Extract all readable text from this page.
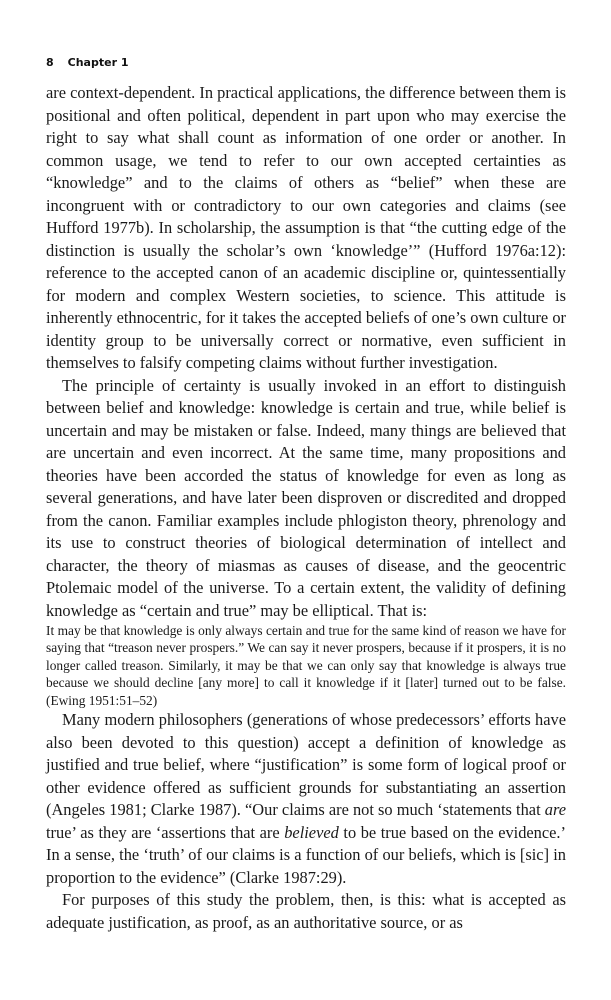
8 Chapter 1

are context-dependent. In practical applications, the difference between them is positional and often political, dependent in part upon who may exercise the right to say what shall count as information of one order or another. In common usage, we tend to refer to our own accepted certainties as “knowledge” and to the claims of others as “belief” when these are incongruent with or contradictory to our own categories and claims (see Hufford 1977b). In scholarship, the assumption is that “the cutting edge of the distinction is usually the scholar’s own ‘knowledge’” (Hufford 1976a:12): reference to the accepted canon of an academic discipline or, quintessentially for modern and complex Western societies, to science. This attitude is inherently ethnocentric, for it takes the accepted beliefs of one’s own culture or identity group to be universally correct or normative, even sufficient in themselves to falsify competing claims without further investigation.

The principle of certainty is usually invoked in an effort to distinguish between belief and knowledge: knowledge is certain and true, while belief is uncertain and may be mistaken or false. Indeed, many things are believed that are uncertain and even incorrect. At the same time, many propositions and theories have been accorded the status of knowledge for even as long as several generations, and have later been disproven or discredited and dropped from the canon. Familiar examples include phlogiston theory, phrenology and its use to construct theories of biological determination of intellect and character, the theory of miasmas as causes of disease, and the geocentric Ptolemaic model of the universe. To a certain extent, the validity of defining knowledge as “certain and true” may be elliptical. That is:

It may be that knowledge is only always certain and true for the same kind of reason we have for saying that “treason never prospers.” We can say it never prospers, because if it prospers, it is no longer called treason. Similarly, it may be that we can only say that knowledge is always true because we should decline [any more] to call it knowledge if it [later] turned out to be false. (Ewing 1951:51–52)

Many modern philosophers (generations of whose predecessors’ efforts have also been devoted to this question) accept a definition of knowledge as justified and true belief, where “justification” is some form of logical proof or other evidence offered as sufficient grounds for substantiating an assertion (Angeles 1981; Clarke 1987). “Our claims are not so much ‘statements that are true’ as they are ‘assertions that are believed to be true based on the evidence.’ In a sense, the ‘truth’ of our claims is a function of our beliefs, which is [sic] in proportion to the evidence” (Clarke 1987:29).

For purposes of this study the problem, then, is this: what is accepted as adequate justification, as proof, as an authoritative source, or as
